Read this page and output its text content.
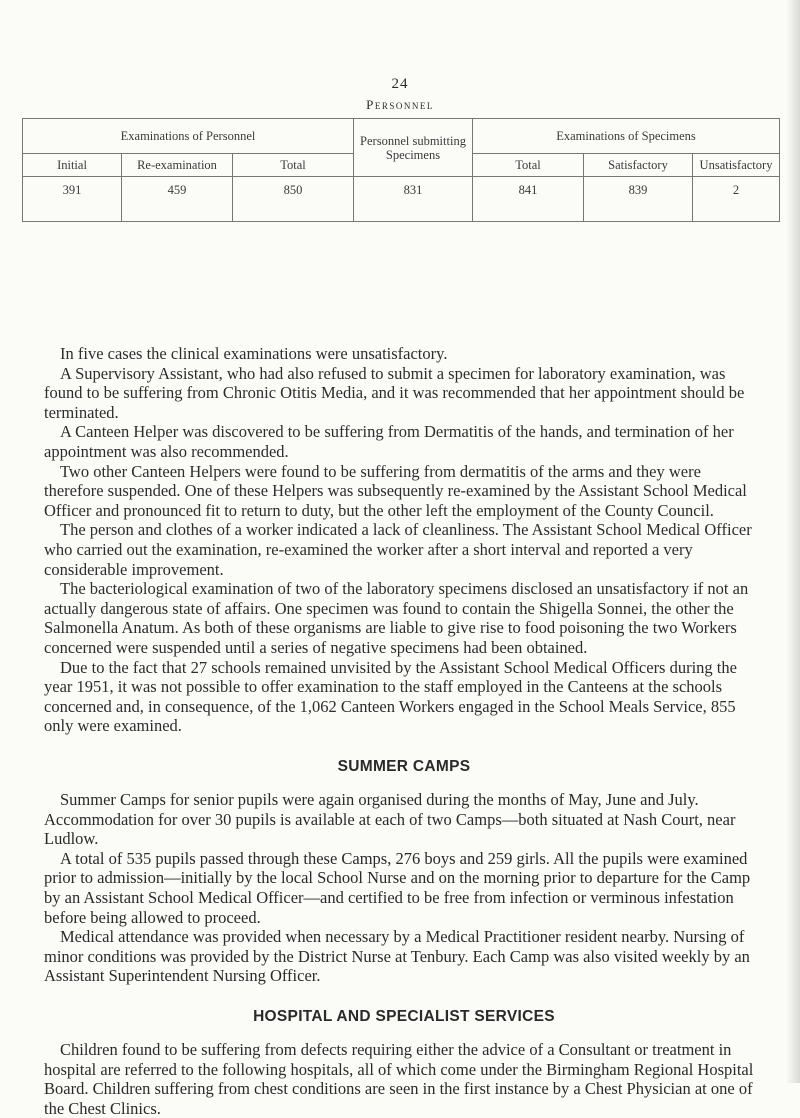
24
Personnel
Examinations of Personnel			Personnel submitting Specimens	Examinations of Specimens		
Initial	Re-examination	Total		Total	Satisfactory	Unsatisfactory
391	459	850	831	841	839	2

In five cases the clinical examinations were unsatisfactory.

A Supervisory Assistant, who had also refused to submit a specimen for laboratory examination, was found to be suffering from Chronic Otitis Media, and it was recommended that her appointment should be terminated.

A Canteen Helper was discovered to be suffering from Dermatitis of the hands, and termination of her appointment was also recommended.

Two other Canteen Helpers were found to be suffering from dermatitis of the arms and they were therefore suspended. One of these Helpers was subsequently re-examined by the Assistant School Medical Officer and pronounced fit to return to duty, but the other left the employment of the County Council.

The person and clothes of a worker indicated a lack of cleanliness. The Assistant School Medical Officer who carried out the examination, re-examined the worker after a short interval and reported a very considerable improvement.

The bacteriological examination of two of the laboratory specimens disclosed an unsatisfactory if not an actually dangerous state of affairs. One specimen was found to contain the Shigella Sonnei, the other the Salmonella Anatum. As both of these organisms are liable to give rise to food poisoning the two Workers concerned were suspended until a series of negative specimens had been obtained.

Due to the fact that 27 schools remained unvisited by the Assistant School Medical Officers during the year 1951, it was not possible to offer examination to the staff employed in the Canteens at the schools concerned and, in consequence, of the 1,062 Canteen Workers engaged in the School Meals Service, 855 only were examined.

SUMMER CAMPS

Summer Camps for senior pupils were again organised during the months of May, June and July. Accommodation for over 30 pupils is available at each of two Camps—both situated at Nash Court, near Ludlow.

A total of 535 pupils passed through these Camps, 276 boys and 259 girls. All the pupils were examined prior to admission—initially by the local School Nurse and on the morning prior to departure for the Camp by an Assistant School Medical Officer—and certified to be free from infection or verminous infestation before being allowed to proceed.

Medical attendance was provided when necessary by a Medical Practitioner resident nearby. Nursing of minor conditions was provided by the District Nurse at Tenbury. Each Camp was also visited weekly by an Assistant Superintendent Nursing Officer.

HOSPITAL AND SPECIALIST SERVICES

Children found to be suffering from defects requiring either the advice of a Consultant or treatment in hospital are referred to the following hospitals, all of which come under the Birmingham Regional Hospital Board. Children suffering from chest conditions are seen in the first instance by a Chest Physician at one of the Chest Clinics.
